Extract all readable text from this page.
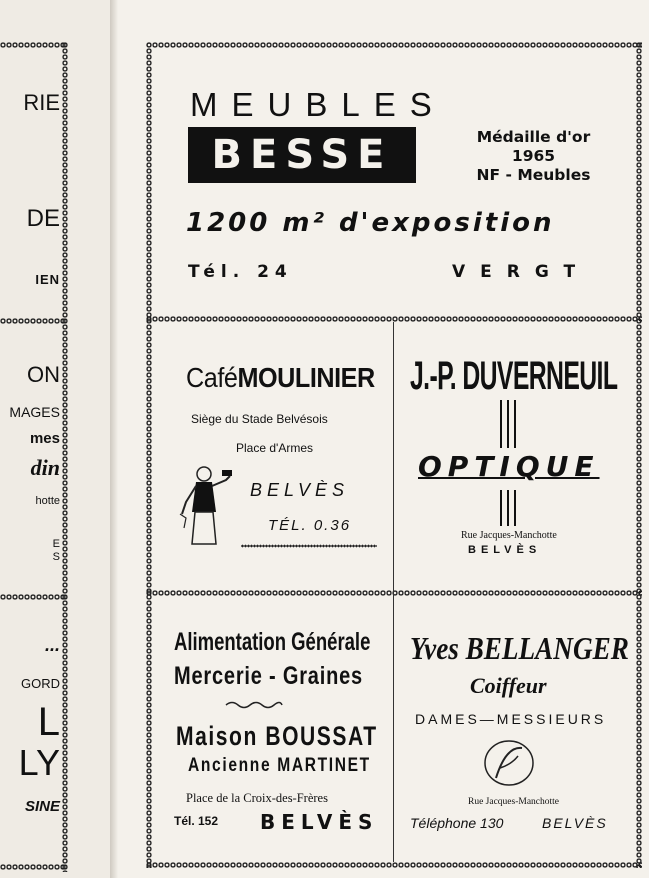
RIE
DE
IEN
ON
MAGES
mes
din
hotte
E
S
...
GORD
L
LY
SINE
MEUBLES
BESSE	Médaille d'or
1965
NF - Meubles
1200 m² d'exposition
Tél. 24	VERGT
CaféMOULINIER
Siège du Stade Belvésois
Place d'Armes
BELVÈS
TÉL. 0.36
J.-P. DUVERNEUIL
OPTIQUE
Rue Jacques-Manchotte
BELVÈS
Alimentation Générale
Mercerie - Graines
Maison BOUSSAT
Ancienne MARTINET
Place de la Croix-des-Frères
Tél. 152 BELVÈS
Yves BELLANGER
Coiffeur
DAMES—MESSIEURS
Rue Jacques-Manchotte
Téléphone 130	BELVÈS
